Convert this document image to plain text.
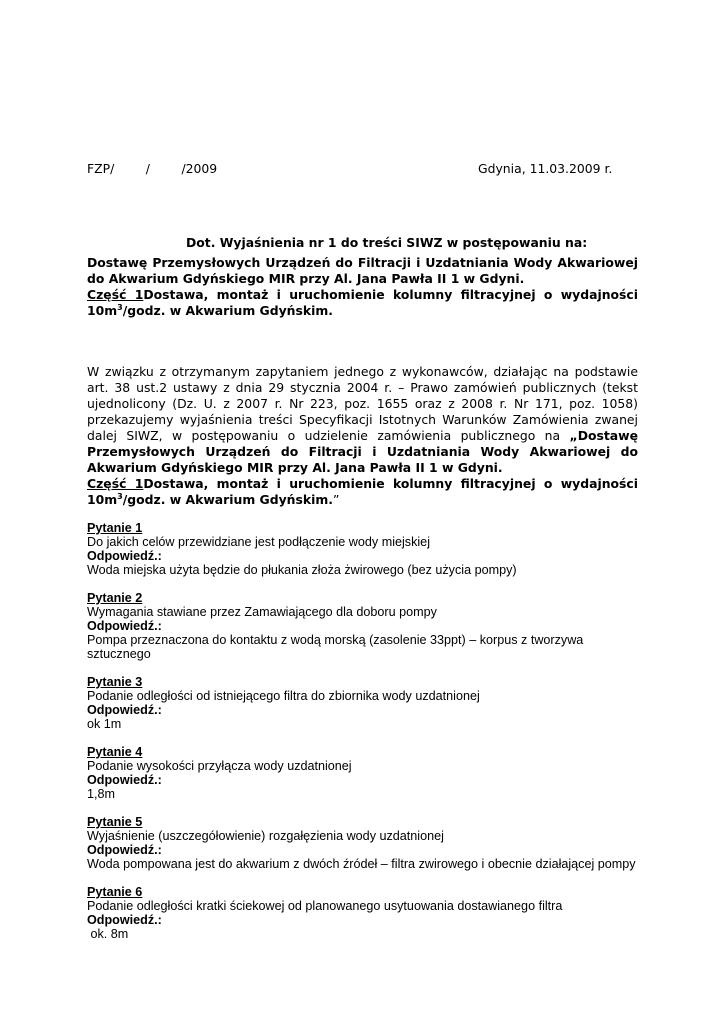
FZP/	/	/2009	Gdynia, 11.03.2009 r.
Dot. Wyjaśnienia nr 1 do treści SIWZ w postępowaniu na:
Dostawę Przemysłowych Urządzeń do Filtracji i Uzdatniania Wody Akwariowej do Akwarium Gdyńskiego MIR przy Al. Jana Pawła II 1 w Gdyni.
Część 1Dostawa, montaż i uruchomienie kolumny filtracyjnej o wydajności $10m^3$/godz. w Akwarium Gdyńskim.
W związku z otrzymanym zapytaniem jednego z wykonawców, działając na podstawie art. 38 ust.2 ustawy z dnia 29 stycznia 2004 r. – Prawo zamówień publicznych (tekst ujednolicony (Dz. U. z 2007 r. Nr 223, poz. 1655 oraz z 2008 r. Nr 171, poz. 1058) przekazujemy wyjaśnienia treści Specyfikacji Istotnych Warunków Zamówienia zwanej dalej SIWZ, w postępowaniu o udzielenie zamówienia publicznego na „Dostawę Przemysłowych Urządzeń do Filtracji i Uzdatniania Wody Akwariowej do Akwarium Gdyńskiego MIR przy Al. Jana Pawła II 1 w Gdyni.
Część 1Dostawa, montaż i uruchomienie kolumny filtracyjnej o wydajności $10m^3$/godz. w Akwarium Gdyńskim.”
Pytanie 1
Do jakich celów przewidziane jest podłączenie wody miejskiej
Odpowiedź.:
Woda miejska użyta będzie do płukania złoża żwirowego (bez użycia pompy)
Pytanie 2
Wymagania stawiane przez Zamawiającego dla doboru pompy
Odpowiedź.:
Pompa przeznaczona do kontaktu z wodą morską (zasolenie 33ppt) – korpus z tworzywa sztucznego
Pytanie 3
Podanie odległości od istniejącego filtra do zbiornika wody uzdatnionej
Odpowiedź.:
ok 1m
Pytanie 4
Podanie wysokości przyłącza wody uzdatnionej
Odpowiedź.:
1,8m
Pytanie 5
Wyjaśnienie (uszczegółowienie) rozgałęzienia wody uzdatnionej
Odpowiedź.:
Woda pompowana jest do akwarium z dwóch źródeł – filtra zwirowego i obecnie działającej pompy
Pytanie 6
Podanie odległości kratki ściekowej od planowanego usytuowania dostawianego filtra
Odpowiedź.:
ok. 8m
